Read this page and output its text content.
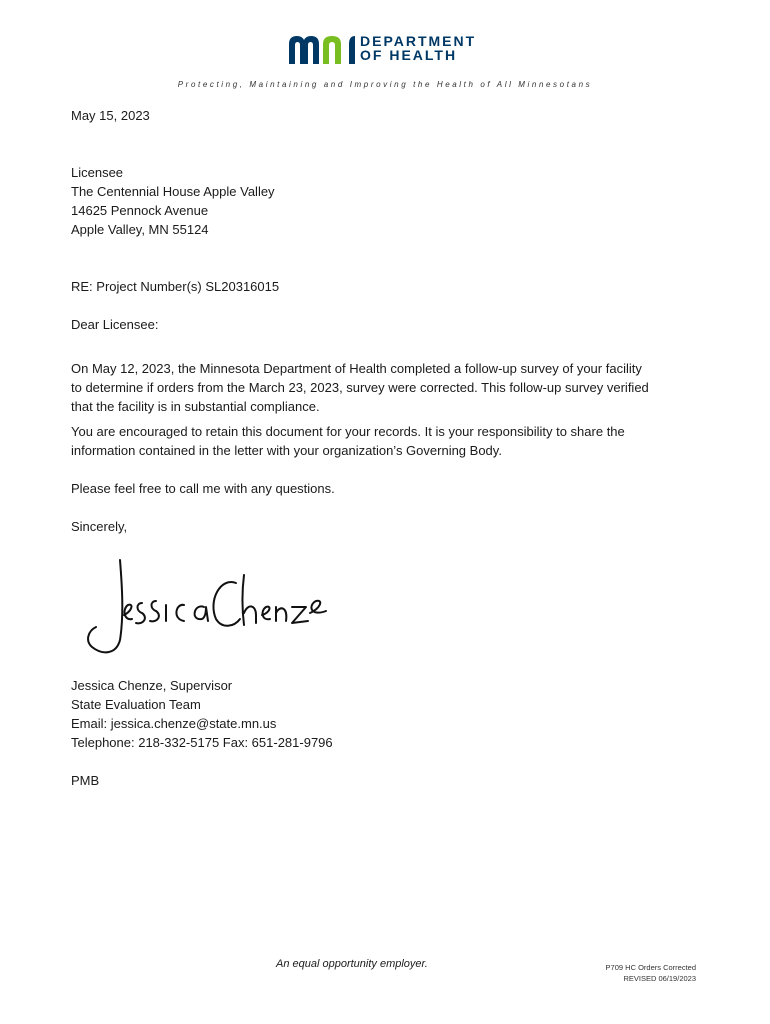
DEPARTMENT
OF HEALTH
Protecting, Maintaining and Improving the Health of All Minnesotans
May 15, 2023
Licensee
The Centennial House Apple Valley
14625 Pennock Avenue
Apple Valley, MN 55124
RE: Project Number(s) SL20316015
Dear Licensee:
On May 12, 2023, the Minnesota Department of Health completed a follow-up survey of your facility
to determine if orders from the March 23, 2023, survey were corrected. This follow-up survey verified
that the facility is in substantial compliance.
You are encouraged to retain this document for your records. It is your responsibility to share the
information contained in the letter with your organization’s Governing Body.
Please feel free to call me with any questions.
Sincerely,
Jessica Chenze, Supervisor
State Evaluation Team
Email: jessica.chenze@state.mn.us
Telephone: 218-332-5175 Fax: 651-281-9796
PMB
An equal opportunity employer.	P709 HC Orders Corrected
REVISED 06/19/2023
